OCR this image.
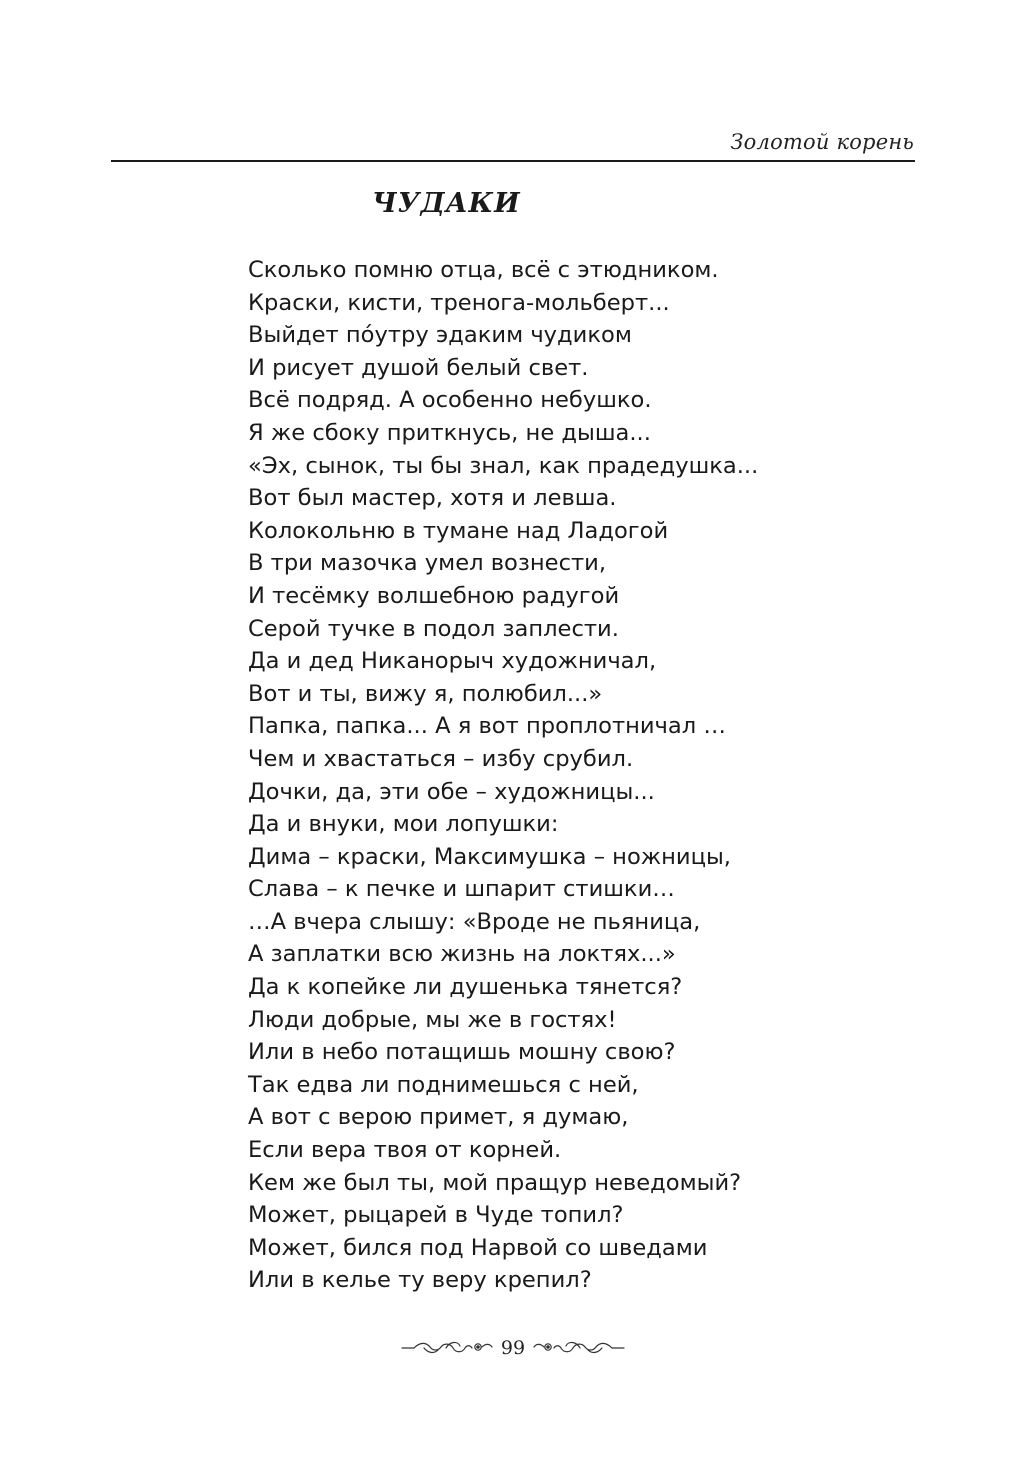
Золотой корень
ЧУДАКИ
Сколько помню отца, всё с этюдником.
Краски, кисти, тренога-мольберт...
Выйдет по́утру эдаким чудиком
И рисует душой белый свет.
Всё подряд. А особенно небушко.
Я же сбоку приткнусь, не дыша...
«Эх, сынок, ты бы знал, как прадедушка...
Вот был мастер, хотя и левша.
Колокольню в тумане над Ладогой
В три мазочка умел вознести,
И тесёмку волшебною радугой
Серой тучке в подол заплести.
Да и дед Никанорыч художничал,
Вот и ты, вижу я, полюбил...»
Папка, папка... А я вот проплотничал …
Чем и хвастаться – избу срубил.
Дочки, да, эти обе – художницы...
Да и внуки, мои лопушки:
Дима – краски, Максимушка – ножницы,
Слава – к печке и шпарит стишки…
…А вчера слышу: «Вроде не пьяница,
А заплатки всю жизнь на локтях...»
Да к копейке ли душенька тянется?
Люди добрые, мы же в гостях!
Или в небо потащишь мошну свою?
Так едва ли поднимешься с ней,
А вот с верою примет, я думаю,
Если вера твоя от корней.
Кем же был ты, мой пращур неведомый?
Может, рыцарей в Чуде топил?
Может, бился под Нарвой со шведами
Или в келье ту веру крепил?
99
